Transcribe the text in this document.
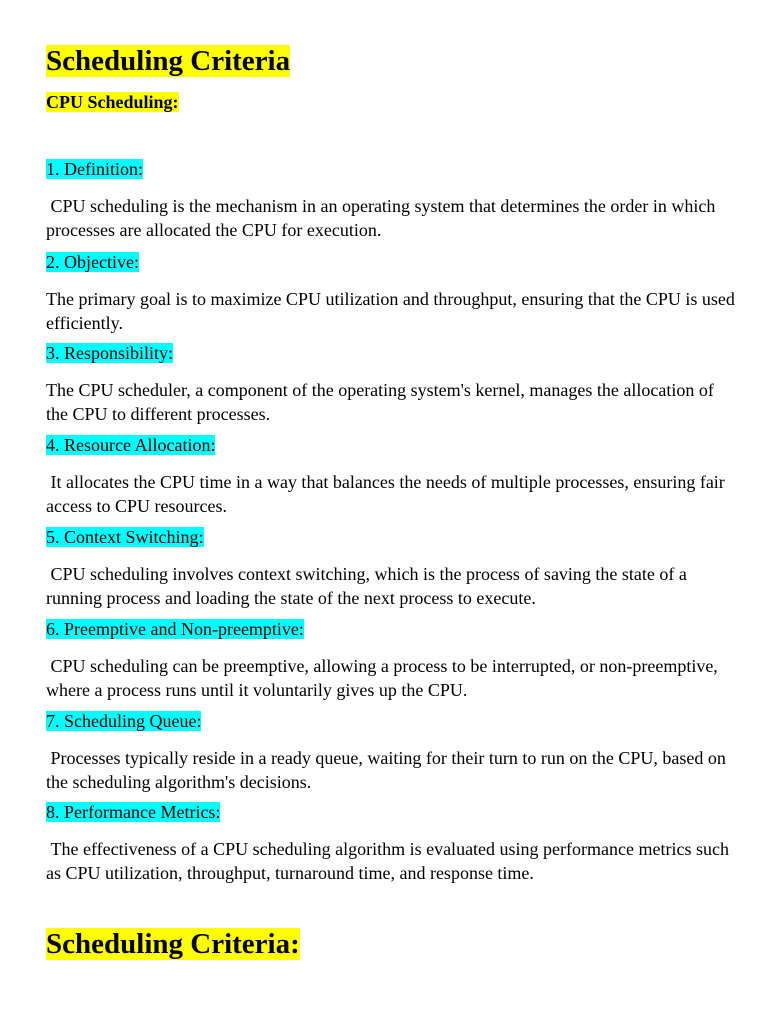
Scheduling Criteria
CPU Scheduling:

1. Definition:

CPU scheduling is the mechanism in an operating system that determines the order in which processes are allocated the CPU for execution.

2. Objective:

The primary goal is to maximize CPU utilization and throughput, ensuring that the CPU is used efficiently.

3. Responsibility:

The CPU scheduler, a component of the operating system's kernel, manages the allocation of the CPU to different processes.

4. Resource Allocation:

It allocates the CPU time in a way that balances the needs of multiple processes, ensuring fair access to CPU resources.

5. Context Switching:

CPU scheduling involves context switching, which is the process of saving the state of a running process and loading the state of the next process to execute.

6. Preemptive and Non-preemptive:

CPU scheduling can be preemptive, allowing a process to be interrupted, or non-preemptive, where a process runs until it voluntarily gives up the CPU.

7. Scheduling Queue:

Processes typically reside in a ready queue, waiting for their turn to run on the CPU, based on the scheduling algorithm's decisions.

8. Performance Metrics:

The effectiveness of a CPU scheduling algorithm is evaluated using performance metrics such as CPU utilization, throughput, turnaround time, and response time.

Scheduling Criteria:
